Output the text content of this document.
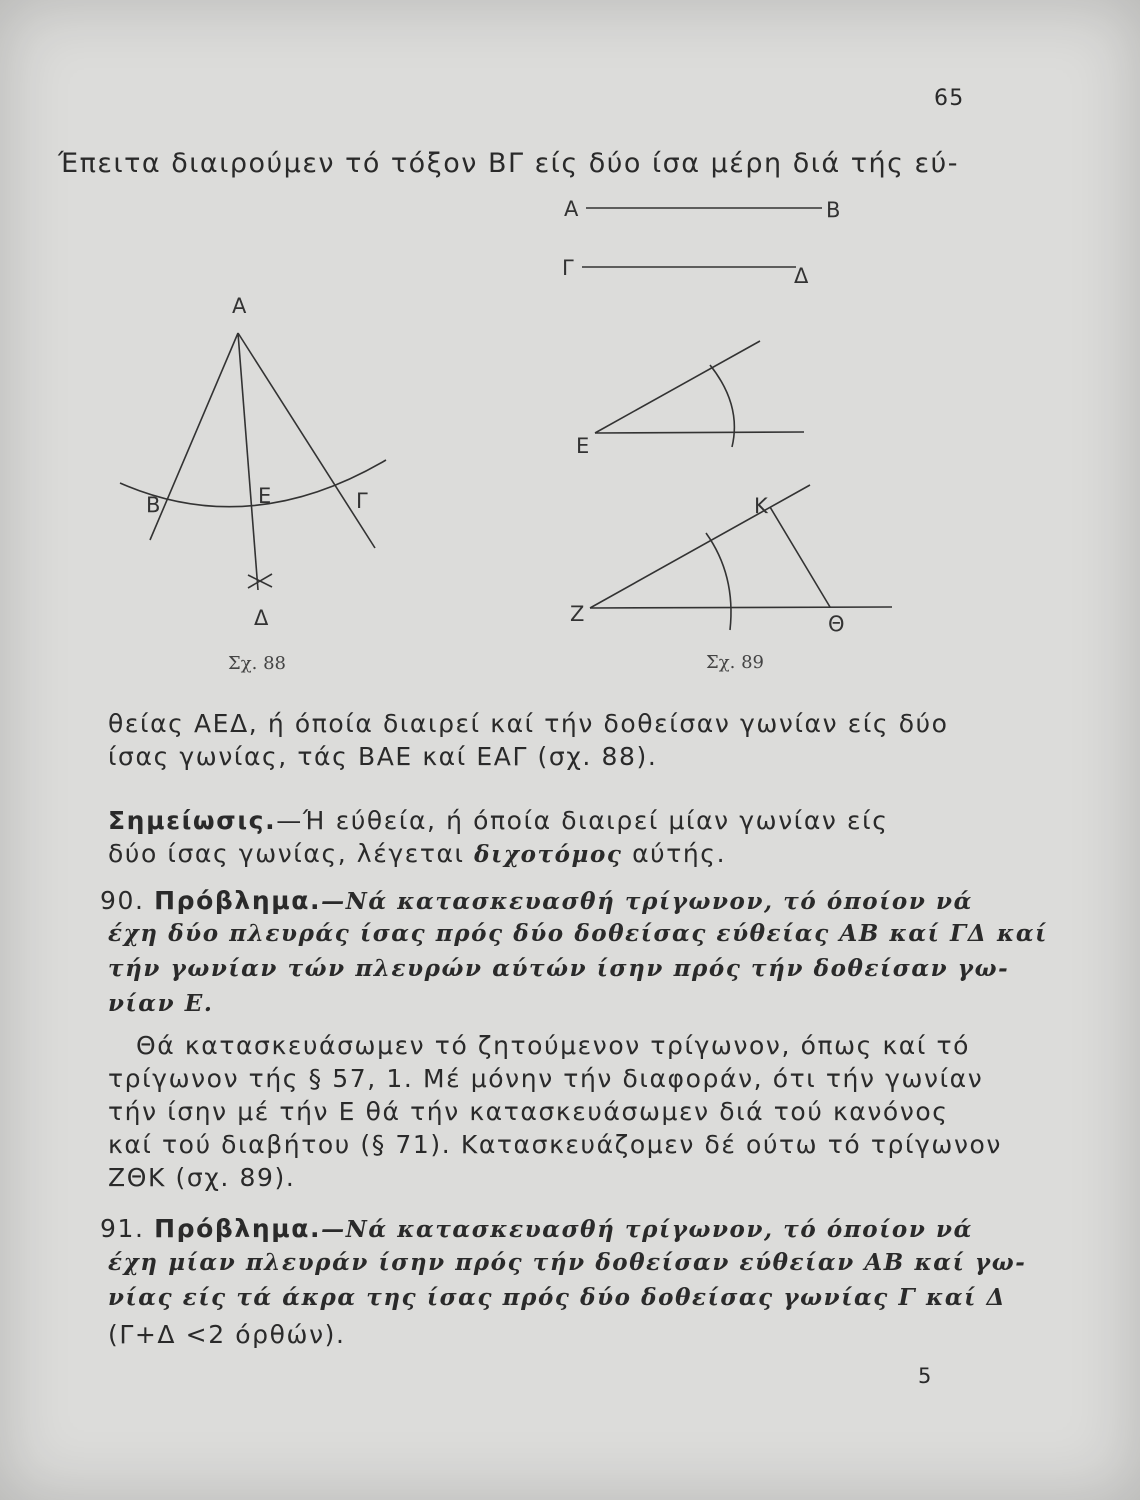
65
Έπειτα διαιρούμεν τό τόξον ΒΓ είς δύο ίσα μέρη διά τής εύ-
Α
Β	Ε	Γ
Δ
Σχ. 88
Α	Β
Γ	Δ
Ε
Ζ
Κ
Θ
Σχ. 89
θείας ΑΕΔ, ή όποία διαιρεί καί τήν δοθείσαν γωνίαν είς δύο
ίσας γωνίας, τάς ΒΑΕ καί ΕΑΓ (σχ. 88).
Σημείωσις.—Ή εύθεία, ή όποία διαιρεί μίαν γωνίαν είς
δύο ίσας γωνίας, λέγεται διχοτόμος αύτής.
90. Πρόβλημα.—Νά κατασκευασθή τρίγωνον, τό όποίον νά
έχη δύο πλευράς ίσας πρός δύο δοθείσας εύθείας ΑΒ καί ΓΔ καί
τήν γωνίαν τών πλευρών αύτών ίσην πρός τήν δοθείσαν γω-
νίαν Ε.
Θά κατασκευάσωμεν τό ζητούμενον τρίγωνον, όπως καί τό
τρίγωνον τής § 57, 1. Μέ μόνην τήν διαφοράν, ότι τήν γωνίαν
τήν ίσην μέ τήν Ε θά τήν κατασκευάσωμεν διά τού κανόνος
καί τού διαβήτου (§ 71). Κατασκευάζομεν δέ ούτω τό τρίγωνον
ΖΘΚ (σχ. 89).
91. Πρόβλημα.—Νά κατασκευασθή τρίγωνον, τό όποίον νά
έχη μίαν πλευράν ίσην πρός τήν δοθείσαν εύθείαν ΑΒ καί γω-
νίας είς τά άκρα της ίσας πρός δύο δοθείσας γωνίας Γ καί Δ
(Γ+Δ <2 όρθών).
5
